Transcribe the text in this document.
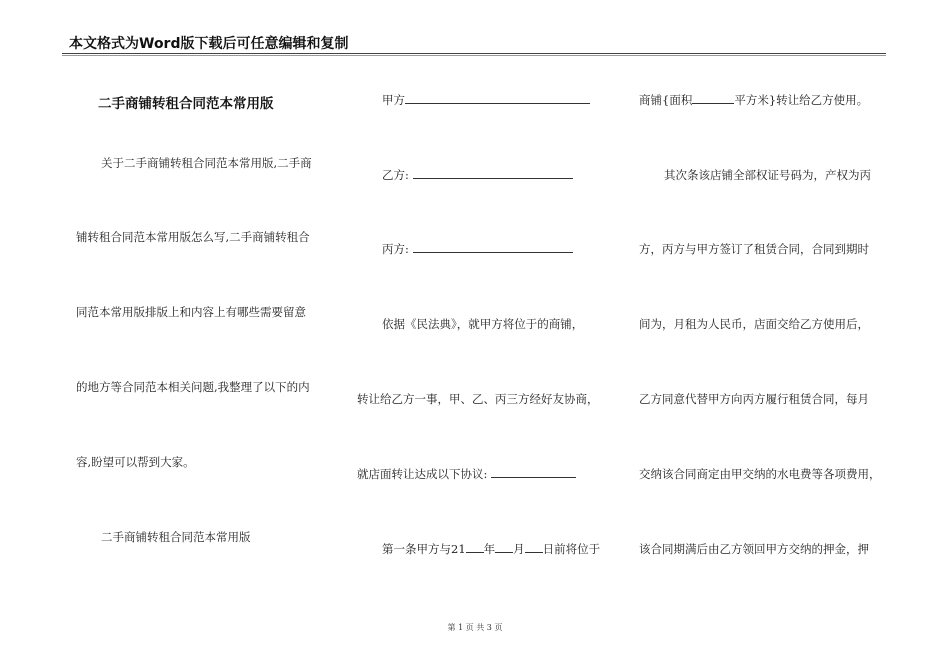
本文格式为Word版下载后可任意编辑和复制
二手商铺转租合同范本常用版
关于二手商铺转租合同范本常用版,二手商
铺转租合同范本常用版怎么写,二手商铺转租合
同范本常用版排版上和内容上有哪些需要留意
的地方等合同范本相关问题,我整理了以下的内
容,盼望可以帮到大家。
二手商铺转租合同范本常用版
甲方
乙方:
丙方:
依据《民法典》，就甲方将位于的商铺，
转让给乙方一事，甲、乙、丙三方经好友协商，
就店面转让达成以下协议:
第一条甲方与21 年 月 日前将位于
商铺{面积	平方米}转让给乙方使用。
其次条该店铺全部权证号码为，产权为丙
方，丙方与甲方签订了租赁合同，合同到期时
间为，月租为人民币，店面交给乙方使用后，
乙方同意代替甲方向丙方履行租赁合同，每月
交纳该合同商定由甲交纳的水电费等各项费用，
该合同期满后由乙方领回甲方交纳的押金，押
第 1 页 共 3 页
